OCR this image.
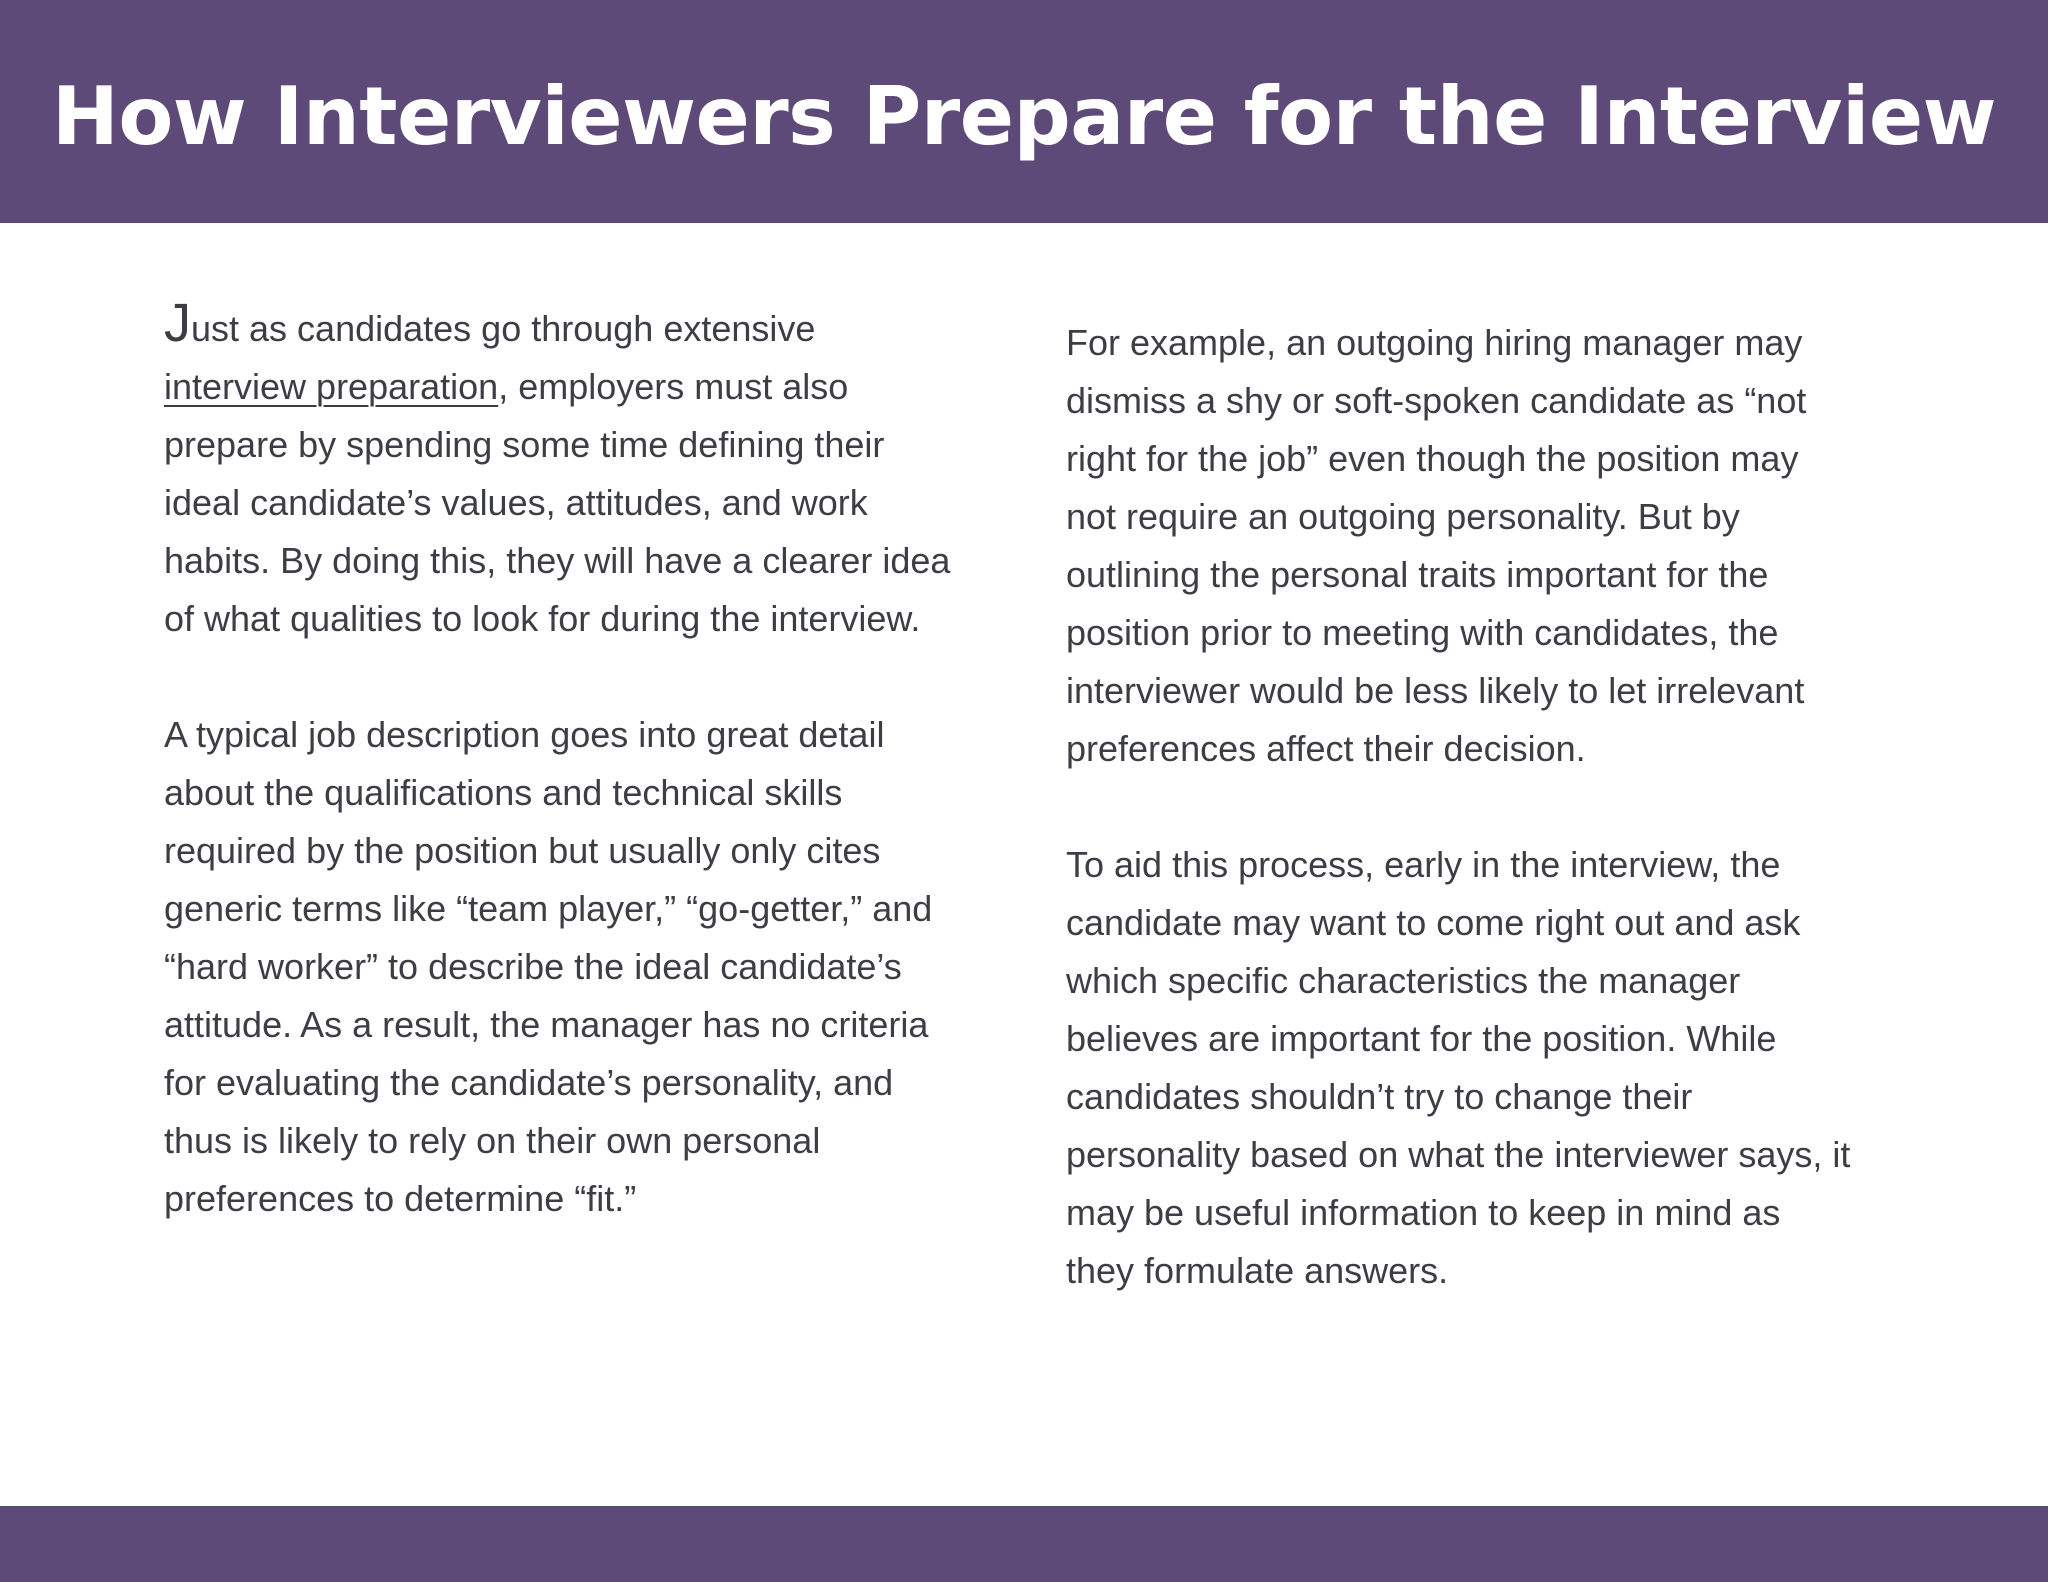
How Interviewers Prepare for the Interview

Just as candidates go through extensive interview preparation, employers must also prepare by spending some time defining their ideal candidate’s values, attitudes, and work habits. By doing this, they will have a clearer idea of what qualities to look for during the interview.

A typical job description goes into great detail about the qualifications and technical skills required by the position but usually only cites generic terms like “team player,” “go-getter,” and “hard worker” to describe the ideal candidate’s attitude. As a result, the manager has no criteria for evaluating the candidate’s personality, and thus is likely to rely on their own personal preferences to determine “fit.”

For example, an outgoing hiring manager may dismiss a shy or soft-spoken candidate as “not right for the job” even though the position may not require an outgoing personality. But by outlining the personal traits important for the position prior to meeting with candidates, the interviewer would be less likely to let irrelevant preferences affect their decision.

To aid this process, early in the interview, the candidate may want to come right out and ask which specific characteristics the manager believes are important for the position. While candidates shouldn’t try to change their personality based on what the interviewer says, it may be useful information to keep in mind as they formulate answers.
